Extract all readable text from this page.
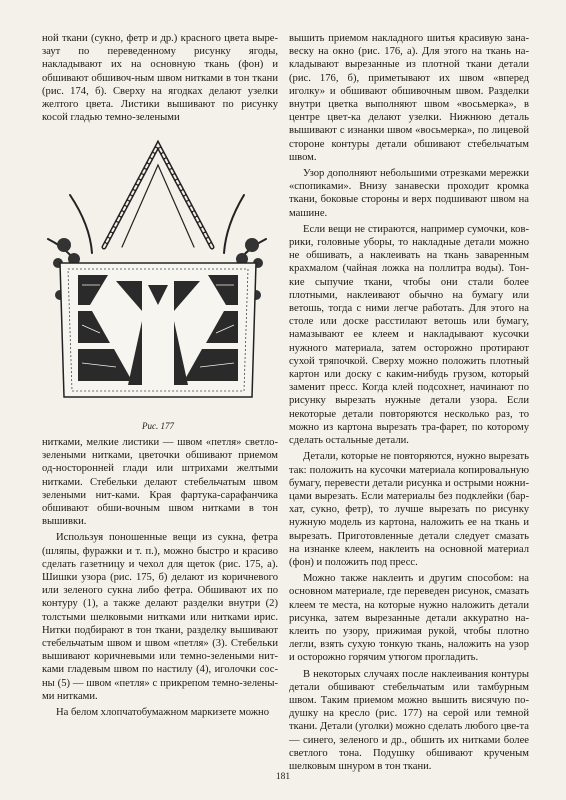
ной ткани (сукно, фетр и др.) красного цвета выре-заут по переведенному рисунку ягоды, накладывают их на основную ткань (фон) и обшивают обшивоч-ным швом нитками в тон ткани (рис. 174, б). Сверху на ягодках делают узелки желтого цвета. Листики вышивают по рисунку косой гладью темно-зелеными

Рис. 177

нитками, мелкие листики — швом «петля» светло-зелеными нитками, цветочки обшивают приемом од-носторонней глади или штрихами желтыми нитками. Стебельки делают стебельчатым швом зелеными нит-ками. Края фартука-сарафанчика обшивают обши-вочным швом нитками в тон вышивки.

Используя поношенные вещи из сукна, фетра (шляпы, фуражки и т. п.), можно быстро и красиво сделать газетницу и чехол для щеток (рис. 175, а). Шишки узора (рис. 175, б) делают из коричневого или зеленого сукна либо фетра. Обшивают их по контуру (1), а также делают разделки внутри (2) толстыми шелковыми нитками или нитками ирис. Нитки подбирают в тон ткани, разделку вышивают стебельчатым швом и швом «петля» (3). Стебельки вышивают коричневыми или темно-зелеными нит-ками гладевым швом по настилу (4), иголочки сос-ны (5) — швом «петля» с прикрепом темно-зелены-ми нитками.

На белом хлопчатобумажном маркизете можно

вышить приемом накладного шитья красивую зана-веску на окно (рис. 176, а). Для этого на ткань на-кладывают вырезанные из плотной ткани детали (рис. 176, б), приметывают их швом «вперед иголку» и обшивают обшивочным швом. Разделки внутри цветка выполняют швом «восьмерка», в центре цвет-ка делают узелки. Нижнюю деталь вышивают с изнанки швом «восьмерка», по лицевой стороне контуры детали обшивают стебельчатым швом.

Узор дополняют небольшими отрезками мережки «спопиками». Внизу занавески проходит кромка ткани, боковые стороны и верх подшивают швом на машине.

Если вещи не стираются, например сумочки, ков-рики, головные уборы, то накладные детали можно не обшивать, а наклеивать на ткань заваренным крахмалом (чайная ложка на поллитра воды). Тон-кие сыпучие ткани, чтобы они стали более плотными, наклеивают обычно на бумагу или ветошь, тогда с ними легче работать. Для этого на столе или доске расстилают ветошь или бумагу, намазывают ее клеем и накладывают кусочки нужного материала, затем осторожно протирают сухой тряпочкой. Сверху можно положить плотный картон или доску с каким-нибудь грузом, который заменит пресс. Когда клей подсохнет, начинают по рисунку вырезать нужные детали узора. Если некоторые детали повторяются несколько раз, то можно из картона вырезать тра-фарет, по которому сделать остальные детали.

Детали, которые не повторяются, нужно вырезать так: положить на кусочки материала копировальную бумагу, перевести детали рисунка и острыми ножни-цами вырезать. Если материалы без подклейки (бар-хат, сукно, фетр), то лучше вырезать по рисунку нужную модель из картона, наложить ее на ткань и вырезать. Приготовленные детали следует смазать на изнанке клеем, наклеить на основной материал (фон) и положить под пресс.

Можно также наклеить и другим способом: на основном материале, где переведен рисунок, смазать клеем те места, на которые нужно наложить детали рисунка, затем вырезанные детали аккуратно на-клеить по узору, прижимая рукой, чтобы плотно легли, взять сухую тонкую ткань, наложить на узор и осторожно горячим утюгом прогладить.

В некоторых случаях после наклеивания контуры детали обшивают стебельчатым или тамбурным швом. Таким приемом можно вышить висячую по-душку на кресло (рис. 177) на серой или темной ткани. Детали (уголки) можно сделать любого цве-та — синего, зеленого и др., обшить их нитками более светлого тона. Подушку обшивают крученым шелковым шнуром в тон ткани.

181
